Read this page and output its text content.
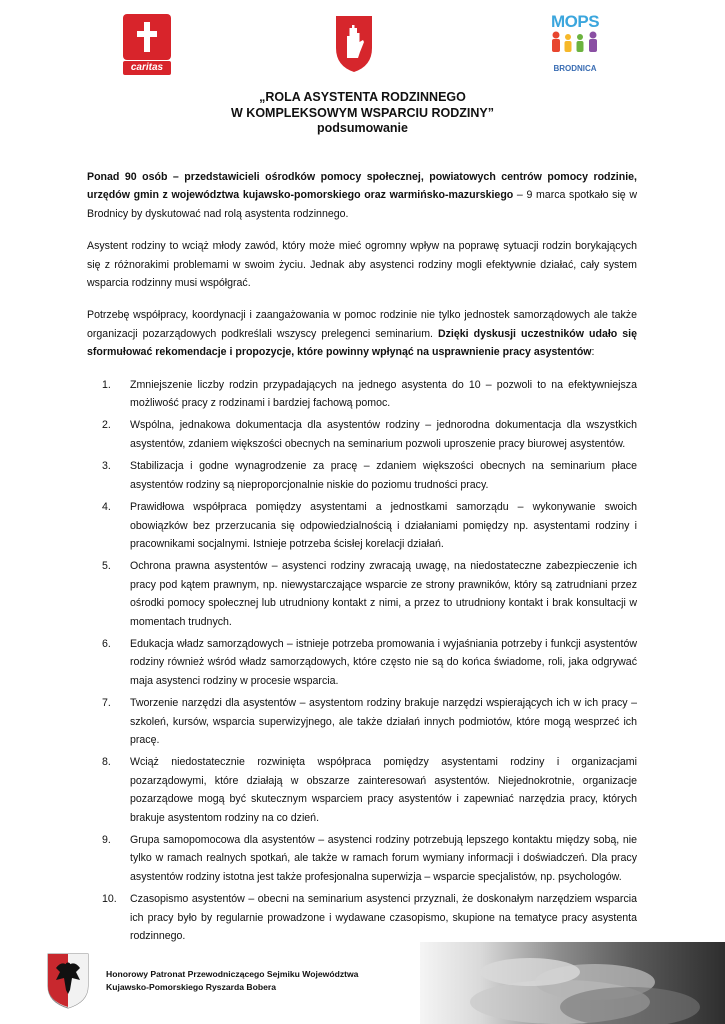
caritas
MOPS
BRODNICA
„ROLA ASYSTENTA RODZINNEGO
W KOMPLEKSOWYM WSPARCIU RODZINY”
podsumowanie

Ponad 90 osób – przedstawicieli ośrodków pomocy społecznej, powiatowych centrów pomocy rodzinie, urzędów gmin z województwa kujawsko-pomorskiego oraz warmińsko-mazurskiego – 9 marca spotkało się w Brodnicy by dyskutować nad rolą asystenta rodzinnego.

Asystent rodziny to wciąż młody zawód, który może mieć ogromny wpływ na poprawę sytuacji rodzin borykających się z różnorakimi problemami w swoim życiu. Jednak aby asystenci rodziny mogli efektywnie działać, cały system wsparcia rodzinny musi współgrać.

Potrzebę współpracy, koordynacji i zaangażowania w pomoc rodzinie nie tylko jednostek samorządowych ale także organizacji pozarządowych podkreślali wszyscy prelegenci seminarium. Dzięki dyskusji uczestników udało się sformułować rekomendacje i propozycje, które powinny wpłynąć na usprawnienie pracy asystentów:

1. Zmniejszenie liczby rodzin przypadających na jednego asystenta do 10 – pozwoli to na efektywniejsza możliwość pracy z rodzinami i bardziej fachową pomoc.
2. Wspólna, jednakowa dokumentacja dla asystentów rodziny – jednorodna dokumentacja dla wszystkich asystentów, zdaniem większości obecnych na seminarium pozwoli uproszenie pracy biurowej asystentów.
3. Stabilizacja i godne wynagrodzenie za pracę – zdaniem większości obecnych na seminarium płace asystentów rodziny są nieproporcjonalnie niskie do poziomu trudności pracy.
4. Prawidłowa współpraca pomiędzy asystentami a jednostkami samorządu – wykonywanie swoich obowiązków bez przerzucania się odpowiedzialnością i działaniami pomiędzy np. asystentami rodziny i pracownikami socjalnymi. Istnieje potrzeba ścisłej korelacji działań.
5. Ochrona prawna asystentów – asystenci rodziny zwracają uwagę, na niedostateczne zabezpieczenie ich pracy pod kątem prawnym, np. niewystarczające wsparcie ze strony prawników, który są zatrudniani przez ośrodki pomocy społecznej lub utrudniony kontakt z nimi, a przez to utrudniony kontakt i brak konsultacji w momentach trudnych.
6. Edukacja władz samorządowych – istnieje potrzeba promowania i wyjaśniania potrzeby i funkcji asystentów rodziny również wśród władz samorządowych, które często nie są do końca świadome, roli, jaka odgrywać maja asystenci rodziny w procesie wsparcia.
7. Tworzenie narzędzi dla asystentów – asystentom rodziny brakuje narzędzi wspierających ich w ich pracy – szkoleń, kursów, wsparcia superwizyjnego, ale także działań innych podmiotów, które mogą wesprzeć ich pracę.
8. Wciąż niedostatecznie rozwinięta współpraca pomiędzy asystentami rodziny i organizacjami pozarządowymi, które działają w obszarze zainteresowań asystentów. Niejednokrotnie, organizacje pozarządowe mogą być skutecznym wsparciem pracy asystentów i zapewniać narzędzia pracy, których brakuje asystentom rodziny na co dzień.
9. Grupa samopomocowa dla asystentów – asystenci rodziny potrzebują lepszego kontaktu między sobą, nie tylko w ramach realnych spotkań, ale także w ramach forum wymiany informacji i doświadczeń. Dla pracy asystentów rodziny istotna jest także profesjonalna superwizja – wsparcie specjalistów, np. psychologów.
10. Czasopismo asystentów – obecni na seminarium asystenci przyznali, że doskonałym narzędziem wsparcia ich pracy było by regularnie prowadzone i wydawane czasopismo, skupione na tematyce pracy asystenta rodzinnego.
Honorowy Patronat Przewodniczącego Sejmiku Województwa
Kujawsko-Pomorskiego Ryszarda Bobera
